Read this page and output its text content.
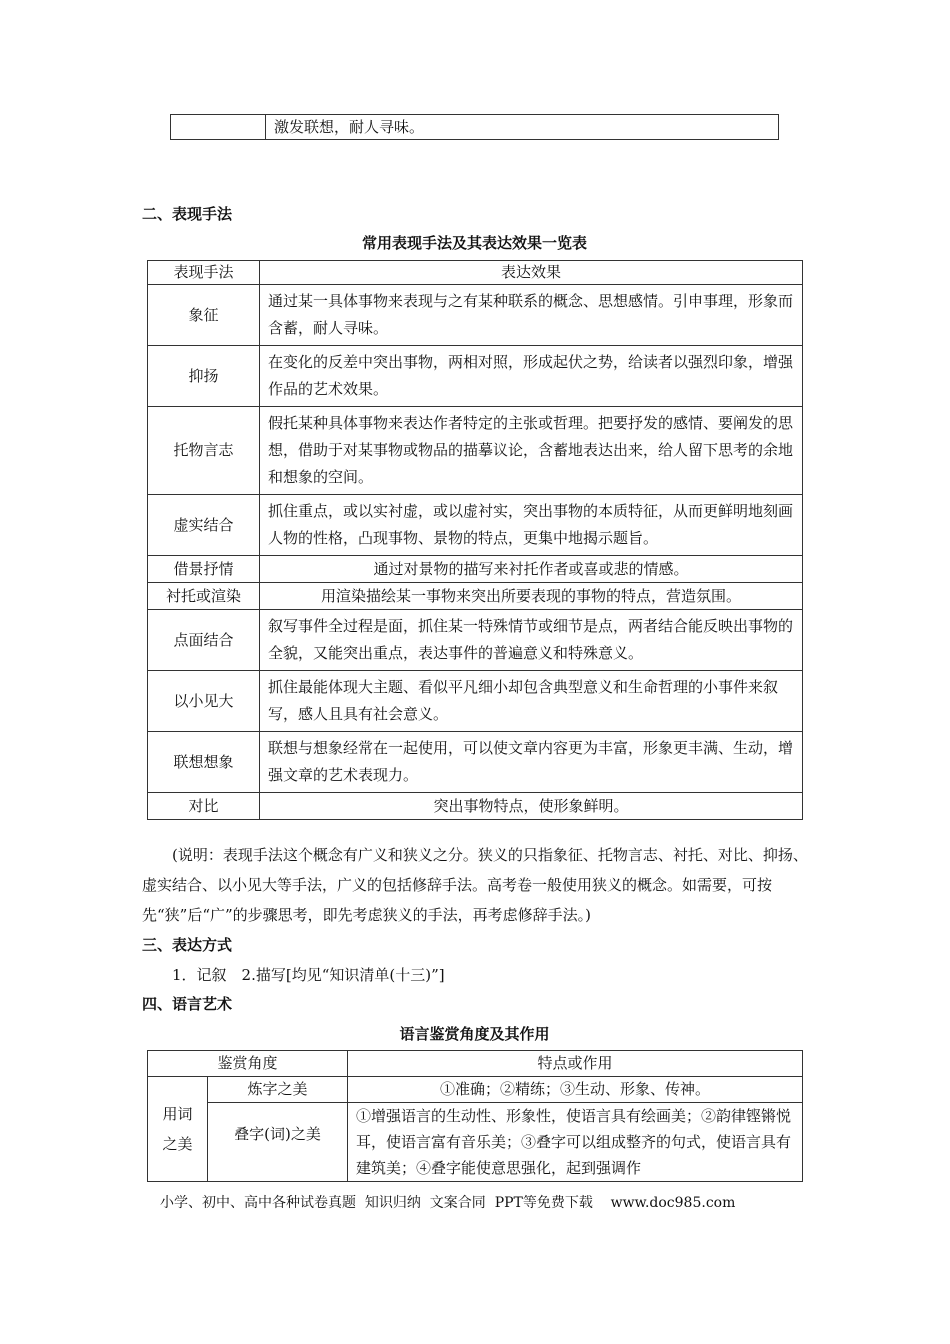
	激发联想，耐人寻味。
二、表现手法
常用表现手法及其表达效果一览表
表现手法	表达效果
象征	通过某一具体事物来表现与之有某种联系的概念、思想感情。引申事理，形象而含蓄，耐人寻味。
抑扬	在变化的反差中突出事物，两相对照，形成起伏之势，给读者以强烈印象，增强作品的艺术效果。
托物言志	假托某种具体事物来表达作者特定的主张或哲理。把要抒发的感情、要阐发的思想，借助于对某事物或物品的描摹议论，含蓄地表达出来，给人留下思考的余地和想象的空间。
虚实结合	抓住重点，或以实衬虚，或以虚衬实，突出事物的本质特征，从而更鲜明地刻画人物的性格，凸现事物、景物的特点，更集中地揭示题旨。
借景抒情	通过对景物的描写来衬托作者或喜或悲的情感。
衬托或渲染	用渲染描绘某一事物来突出所要表现的事物的特点，营造氛围。
点面结合	叙写事件全过程是面，抓住某一特殊情节或细节是点，两者结合能反映出事物的全貌，又能突出重点，表达事件的普遍意义和特殊意义。
以小见大	抓住最能体现大主题、看似平凡细小却包含典型意义和生命哲理的小事件来叙写，感人且具有社会意义。
联想想象	联想与想象经常在一起使用，可以使文章内容更为丰富，形象更丰满、生动，增强文章的艺术表现力。
对比	突出事物特点，使形象鲜明。
(说明：表现手法这个概念有广义和狭义之分。狭义的只指象征、托物言志、衬托、对比、抑扬、虚实结合、以小见大等手法，广义的包括修辞手法。高考卷一般使用狭义的概念。如需要，可按先“狭”后“广”的步骤思考，即先考虑狭义的手法，再考虑修辞手法。)
三、表达方式
1．记叙　2.描写[均见“知识清单(十三)”]
四、语言艺术
语言鉴赏角度及其作用
鉴赏角度		特点或作用

用词之美	炼字之美	①准确；②精练；③生动、形象、传神。
	叠字(词)之美	①增强语言的生动性、形象性，使语言具有绘画美；②韵律铿锵悦耳，使语言富有音乐美；③叠字可以组成整齐的句式，使语言具有建筑美；④叠字能使意思强化，起到强调作
小学、初中、高中各种试卷真题  知识归纳  文案合同  PPT等免费下载    www.doc985.com
